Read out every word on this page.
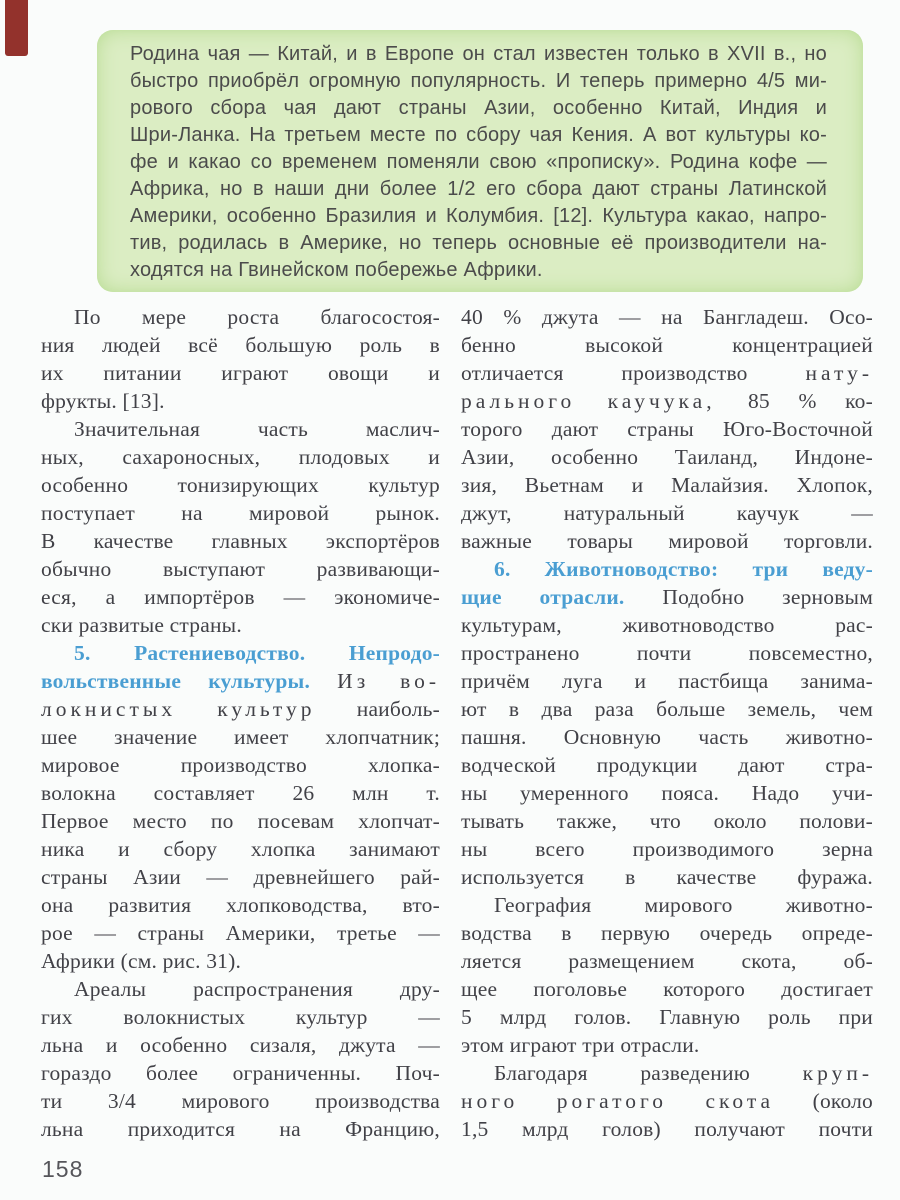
Родина чая — Китай, и в Европе он стал известен только в XVII в., но
быстро приобрёл огромную популярность. И теперь примерно 4/5 ми-
рового сбора чая дают страны Азии, особенно Китай, Индия и
Шри-Ланка. На третьем месте по сбору чая Кения. А вот культуры ко-
фе и какао со временем поменяли свою «прописку». Родина кофе —
Африка, но в наши дни более 1/2 его сбора дают страны Латинской
Америки, особенно Бразилия и Колумбия. [12]. Культура какао, напро-
тив, родилась в Америке, но теперь основные её производители на-
ходятся на Гвинейском побережье Африки.
По мере роста благосостоя-
ния людей всё большую роль в
их питании играют овощи и
фрукты. [13].
Значительная часть маслич-
ных, сахароносных, плодовых и
особенно тонизирующих культур
поступает на мировой рынок.
В качестве главных экспортёров
обычно выступают развивающи-
еся, а импортёров — экономиче-
ски развитые страны.
5. Растениеводство. Непродо-
вольственные культуры. Из во-
локнистых культур наиболь-
шее значение имеет хлопчатник;
мировое производство хлопка-
волокна составляет 26 млн т.
Первое место по посевам хлопчат-
ника и сбору хлопка занимают
страны Азии — древнейшего рай-
она развития хлопководства, вто-
рое — страны Америки, третье —
Африки (см. рис. 31).
Ареалы распространения дру-
гих волокнистых культур —
льна и особенно сизаля, джута —
гораздо более ограниченны. Поч-
ти 3/4 мирового производства
льна приходится на Францию,
40 % джута — на Бангладеш. Осо-
бенно высокой концентрацией
отличается производство нату-
рального каучука, 85 % ко-
торого дают страны Юго-Восточной
Азии, особенно Таиланд, Индоне-
зия, Вьетнам и Малайзия. Хлопок,
джут, натуральный каучук —
важные товары мировой торговли.
6. Животноводство: три веду-
щие отрасли. Подобно зерновым
культурам, животноводство рас-
пространено почти повсеместно,
причём луга и пастбища занима-
ют в два раза больше земель, чем
пашня. Основную часть животно-
водческой продукции дают стра-
ны умеренного пояса. Надо учи-
тывать также, что около полови-
ны всего производимого зерна
используется в качестве фуража.
География мирового животно-
водства в первую очередь опреде-
ляется размещением скота, об-
щее поголовье которого достигает
5 млрд голов. Главную роль при
этом играют три отрасли.
Благодаря разведению круп-
ного рогатого скота (около
1,5 млрд голов) получают почти
158
